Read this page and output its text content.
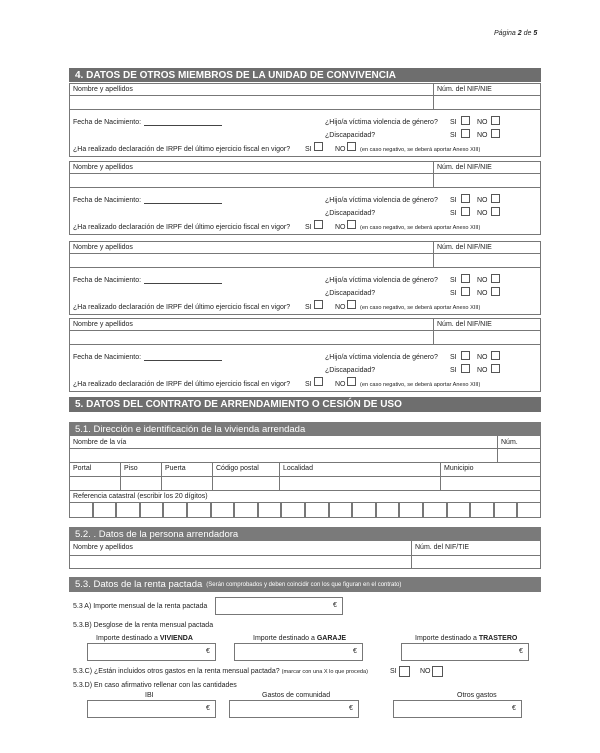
Página 2 de 5
4. DATOS DE OTROS MIEMBROS DE LA UNIDAD DE CONVIVENCIA
Nombre y apellidos	Núm. del NIF/NIE
Fecha de Nacimiento:	¿Hijo/a víctima violencia de género? SI	NO
¿Discapacidad?	SI	NO
¿Ha realizado declaración de IRPF del último ejercicio fiscal en vigor? SI	NO	(en caso negativo, se deberá aportar Anexo XIII)
Nombre y apellidos	Núm. del NIF/NIE
Fecha de Nacimiento:	¿Hijo/a víctima violencia de género? SI	NO
¿Discapacidad?	SI	NO
¿Ha realizado declaración de IRPF del último ejercicio fiscal en vigor? SI	NO	(en caso negativo, se deberá aportar Anexo XIII)
Nombre y apellidos	Núm. del NIF/NIE
Fecha de Nacimiento:	¿Hijo/a víctima violencia de género? SI	NO
¿Discapacidad?	SI	NO
¿Ha realizado declaración de IRPF del último ejercicio fiscal en vigor? SI	NO	(en caso negativo, se deberá aportar Anexo XIII)
Nombre y apellidos	Núm. del NIF/NIE
Fecha de Nacimiento:	¿Hijo/a víctima violencia de género? SI	NO
¿Discapacidad?	SI	NO
¿Ha realizado declaración de IRPF del último ejercicio fiscal en vigor? SI	NO	(en caso negativo, se deberá aportar Anexo XIII)
5. DATOS DEL CONTRATO DE ARRENDAMIENTO O CESIÓN DE USO
5.1. Dirección e identificación de la vivienda arrendada
Nombre de la vía	Núm.
Portal	Piso	Puerta	Código postal	Localidad	Municipio
Referencia catastral (escribir los 20 dígitos)
5.2. . Datos de la persona arrendadora
Nombre y apellidos	Núm. del NIF/TIE
5.3. Datos de la renta pactada (Serán comprobados y deben coincidir con los que figuran en el contrato)
5.3 A) Importe mensual de la renta pactada	€
5.3.B) Desglose de la renta mensual pactada
Importe destinado a VIVIENDA	Importe destinado a GARAJE	Importe destinado a TRASTERO
€	€	€
5.3.C) ¿Están incluidos otros gastos en la renta mensual pactada? (marcar con una X lo que proceda)	SI	NO
5.3.D) En caso afirmativo rellenar con las cantidades
IBI	Gastos de comunidad	Otros gastos
€	€	€
